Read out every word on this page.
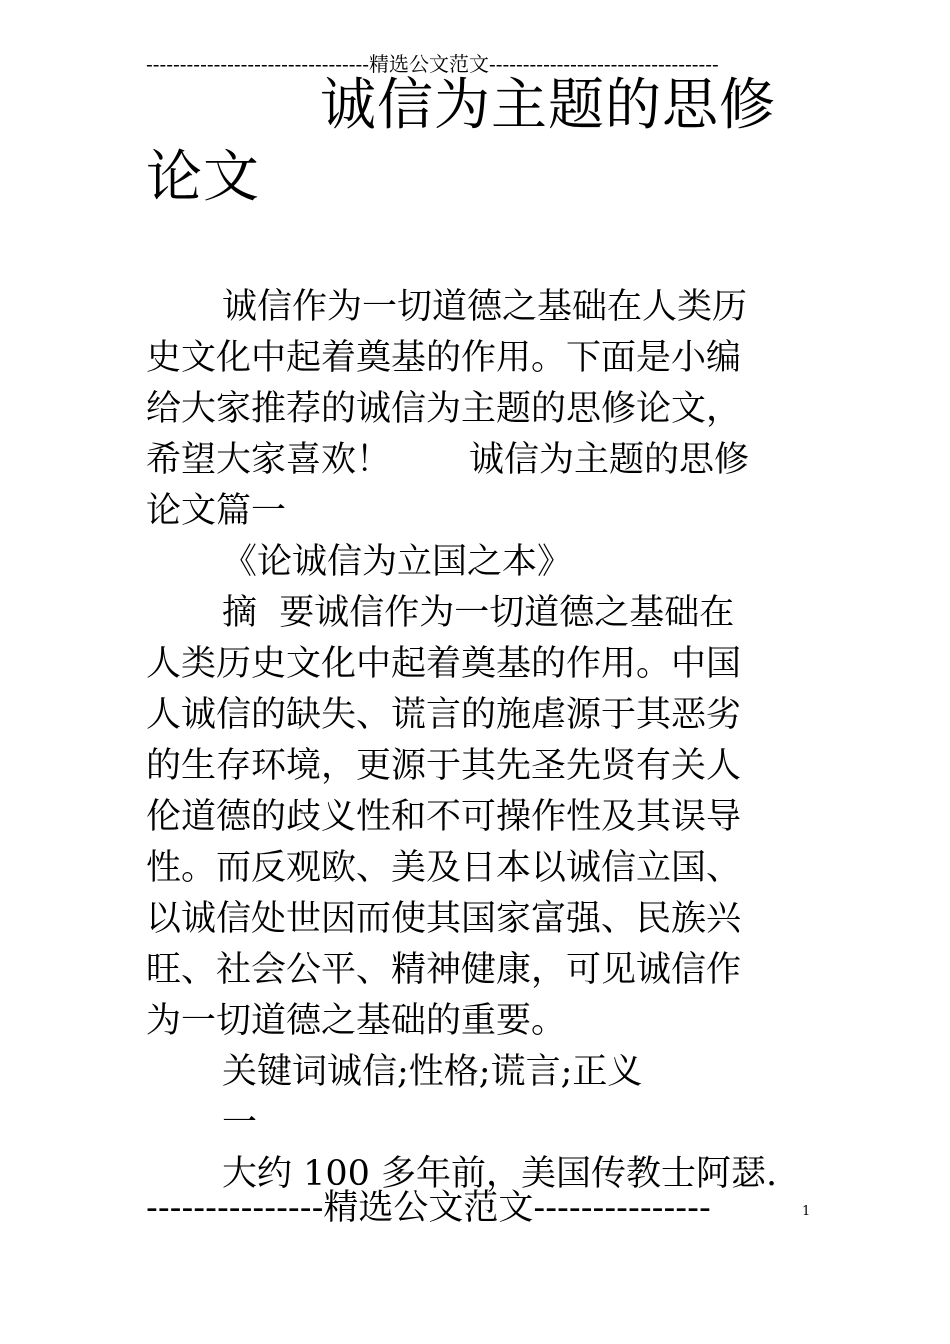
---------------------------------精选公文范文----------------------------------
诚信为主题的思修
论文
诚信作为一切道德之基础在人类历
史文化中起着奠基的作用。下面是小编
给大家推荐的诚信为主题的思修论文，
希望大家喜欢！ 诚信为主题的思修
论文篇一
《论诚信为立国之本》
摘  要诚信作为一切道德之基础在
人类历史文化中起着奠基的作用。中国
人诚信的缺失、谎言的施虐源于其恶劣
的生存环境，更源于其先圣先贤有关人
伦道德的歧义性和不可操作性及其误导
性。而反观欧、美及日本以诚信立国、
以诚信处世因而使其国家富强、民族兴
旺、社会公平、精神健康，可见诚信作
为一切道德之基础的重要。
关键词诚信;性格;谎言;正义
一
大约 100 多年前，美国传教士阿瑟.
---------------精选公文范文---------------	1
